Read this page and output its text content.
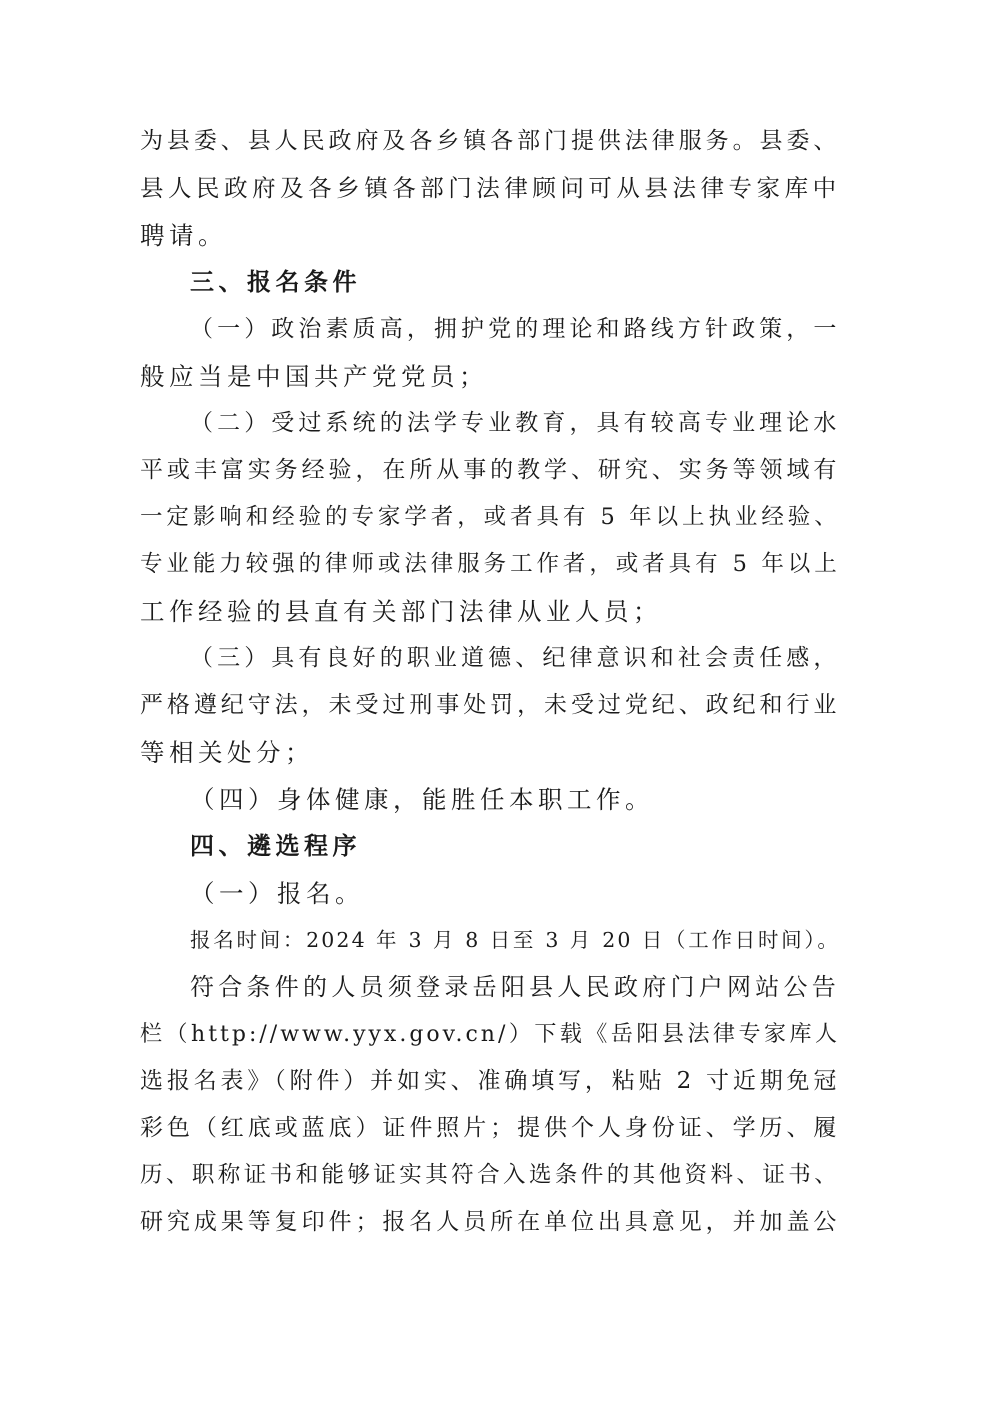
为县委、县人民政府及各乡镇各部门提供法律服务。县委、
县人民政府及各乡镇各部门法律顾问可从县法律专家库中
聘请。
三、报名条件
（一）政治素质高，拥护党的理论和路线方针政策，一
般应当是中国共产党党员；
（二）受过系统的法学专业教育，具有较高专业理论水
平或丰富实务经验，在所从事的教学、研究、实务等领域有
一定影响和经验的专家学者，或者具有 5 年以上执业经验、
专业能力较强的律师或法律服务工作者，或者具有 5 年以上
工作经验的县直有关部门法律从业人员；
（三）具有良好的职业道德、纪律意识和社会责任感，
严格遵纪守法，未受过刑事处罚，未受过党纪、政纪和行业
等相关处分；
（四）身体健康，能胜任本职工作。
四、遴选程序
（一）报名。
报名时间：2024 年 3 月 8 日至 3 月 20 日（工作日时间）。
符合条件的人员须登录岳阳县人民政府门户网站公告
栏（http://www.yyx.gov.cn/）下载《岳阳县法律专家库人
选报名表》（附件）并如实、准确填写，粘贴 2 寸近期免冠
彩色（红底或蓝底）证件照片；提供个人身份证、学历、履
历、职称证书和能够证实其符合入选条件的其他资料、证书、
研究成果等复印件；报名人员所在单位出具意见，并加盖公
